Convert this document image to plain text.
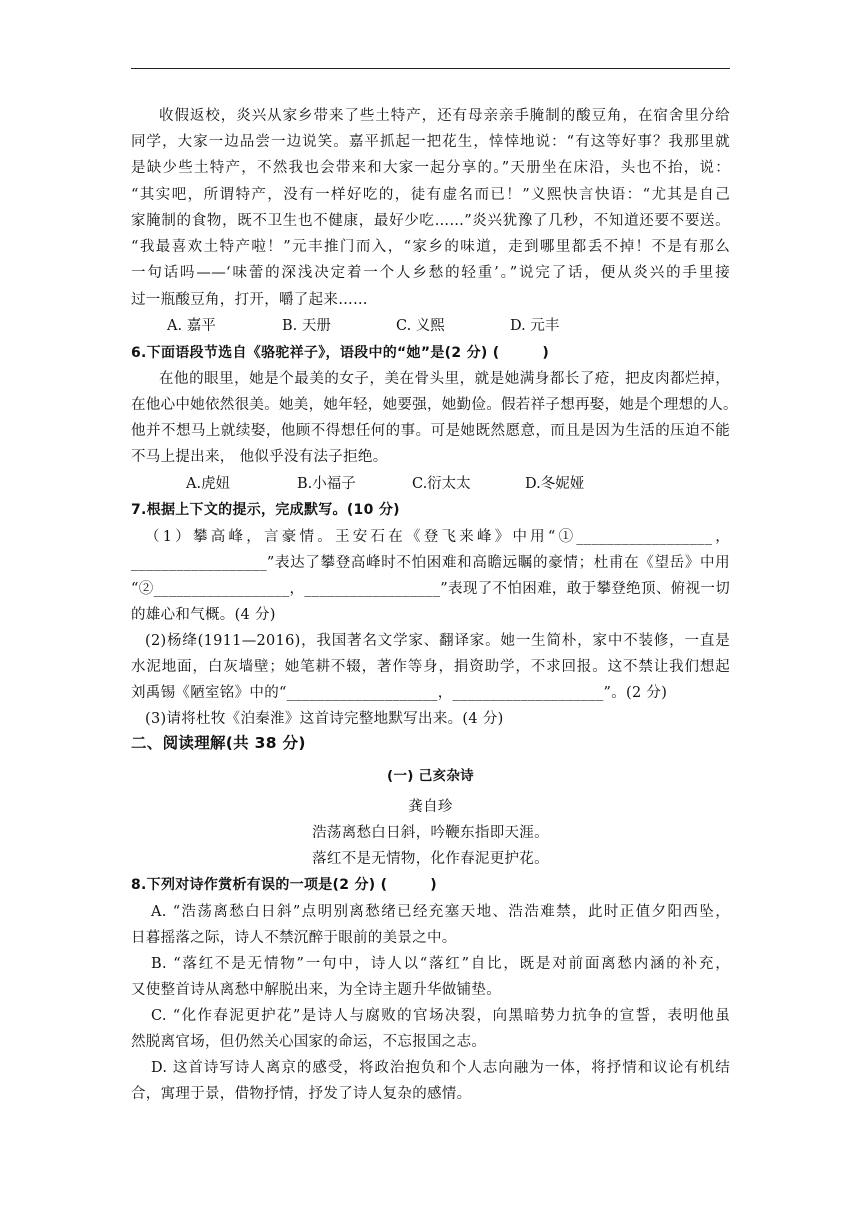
收假返校，炎兴从家乡带来了些土特产，还有母亲亲手腌制的酸豆角，在宿舍里分给
同学，大家一边品尝一边说笑。嘉平抓起一把花生，悻悻地说：“有这等好事？我那里就
是缺少些土特产，不然我也会带来和大家一起分享的。”天册坐在床沿，头也不抬，说：
“其实吧，所谓特产，没有一样好吃的，徒有虚名而已！”义熙快言快语：“尤其是自己
家腌制的食物，既不卫生也不健康，最好少吃……”炎兴犹豫了几秒，不知道还要不要送。
“我最喜欢土特产啦！”元丰推门而入，“家乡的味道，走到哪里都丢不掉！不是有那么
一句话吗——‘味蕾的深浅决定着一个人乡愁的轻重’。”说完了话，便从炎兴的手里接
过一瓶酸豆角，打开，嚼了起来……
A. 嘉平	B. 天册	C. 义熙	D. 元丰
6.下面语段节选自《骆驼祥子》，语段中的“她”是(2 分) (　　　)
在他的眼里，她是个最美的女子，美在骨头里，就是她满身都长了疮，把皮肉都烂掉，
在他心中她依然很美。她美，她年轻，她要强，她勤俭。假若祥子想再娶，她是个理想的人。
他并不想马上就续娶，他顾不得想任何的事。可是她既然愿意，而且是因为生活的压迫不能
不马上提出来， 他似乎没有法子拒绝。
A.虎妞	B.小福子	C.衍太太	D.冬妮娅
7.根据上下文的提示，完成默写。(10 分)
（1）攀高峰，言豪情。王安石在《登飞来峰》中用“①__________________，
__________________”表达了攀登高峰时不怕困难和高瞻远瞩的豪情；杜甫在《望岳》中用
“②__________________，__________________”表现了不怕困难，敢于攀登绝顶、俯视一切
的雄心和气概。(4 分)
(2)杨绛(1911—2016)，我国著名文学家、翻译家。她一生简朴，家中不装修，一直是
水泥地面，白灰墙壁；她笔耕不辍，著作等身，捐资助学，不求回报。这不禁让我们想起
刘禹锡《陋室铭》中的“____________________，____________________”。(2 分)
(3)请将杜牧《泊秦淮》这首诗完整地默写出来。(4 分)
二、阅读理解(共 38 分)
(一) 己亥杂诗
龚自珍
浩荡离愁白日斜，吟鞭东指即天涯。
落红不是无情物，化作春泥更护花。
8.下列对诗作赏析有误的一项是(2 分) (　　　)
A. “浩荡离愁白日斜”点明别离愁绪已经充塞天地、浩浩难禁，此时正值夕阳西坠，
日暮摇落之际，诗人不禁沉醉于眼前的美景之中。
B. “落红不是无情物”一句中，诗人以“落红”自比，既是对前面离愁内涵的补充，
又使整首诗从离愁中解脱出来，为全诗主题升华做铺垫。
C. “化作春泥更护花”是诗人与腐败的官场决裂，向黑暗势力抗争的宣誓，表明他虽
然脱离官场，但仍然关心国家的命运，不忘报国之志。
D. 这首诗写诗人离京的感受，将政治抱负和个人志向融为一体，将抒情和议论有机结
合，寓理于景，借物抒情，抒发了诗人复杂的感情。
